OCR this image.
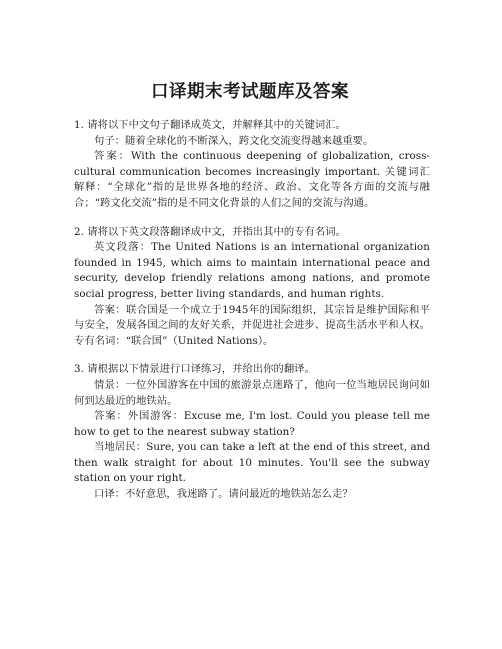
口译期末考试题库及答案

1. 请将以下中文句子翻译成英文，并解释其中的关键词汇。

句子：随着全球化的不断深入，跨文化交流变得越来越重要。

答案：With the continuous deepening of globalization, cross-cultural communication becomes increasingly important. 关键词汇解释：“全球化”指的是世界各地的经济、政治、文化等各方面的交流与融合；“跨文化交流”指的是不同文化背景的人们之间的交流与沟通。

2. 请将以下英文段落翻译成中文，并指出其中的专有名词。

英文段落：The United Nations is an international organization founded in 1945, which aims to maintain international peace and security, develop friendly relations among nations, and promote social progress, better living standards, and human rights.

答案：联合国是一个成立于1945年的国际组织，其宗旨是维护国际和平与安全，发展各国之间的友好关系，并促进社会进步、提高生活水平和人权。专有名词：“联合国”（United Nations）。

3. 请根据以下情景进行口译练习，并给出你的翻译。

情景：一位外国游客在中国的旅游景点迷路了，他向一位当地居民询问如何到达最近的地铁站。

答案：外国游客：Excuse me, I'm lost. Could you please tell me how to get to the nearest subway station?

当地居民：Sure, you can take a left at the end of this street, and then walk straight for about 10 minutes. You'll see the subway station on your right.

口译：不好意思，我迷路了。请问最近的地铁站怎么走？
